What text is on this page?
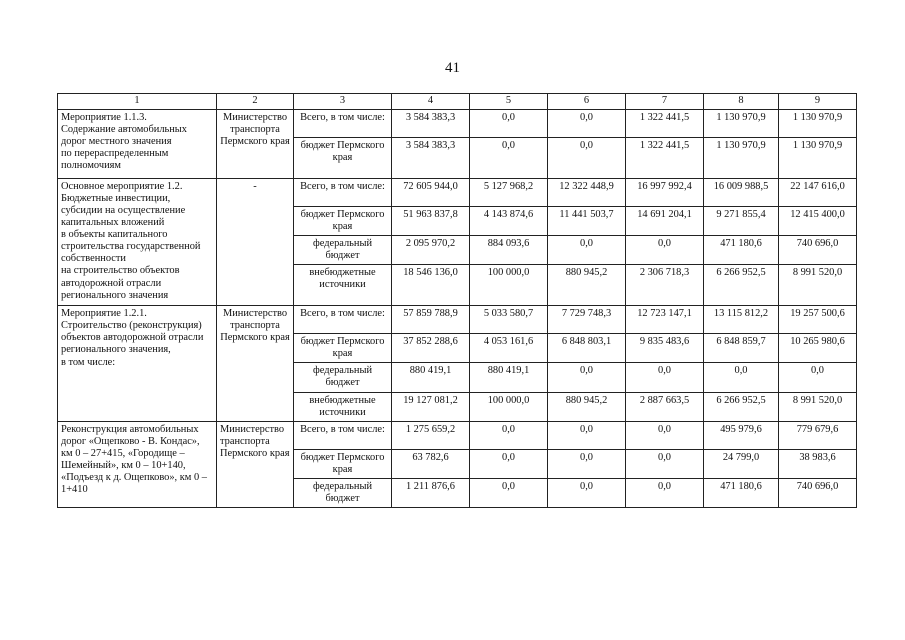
41
1	2	3	4	5	6	7	8	9
Мероприятие 1.1.3.
Содержание автомобильных дорог местного значения
по перераспределенным полномочиям	Министерство транспорта Пермского края	Всего, в том числе:	3 584 383,3	0,0	0,0	1 322 441,5	1 130 970,9	1 130 970,9
		бюджет Пермского края	3 584 383,3	0,0	0,0	1 322 441,5	1 130 970,9	1 130 970,9
Основное мероприятие 1.2.
Бюджетные инвестиции, субсидии на осуществление капитальных вложений
в объекты капитального строительства государственной собственности
на строительство объектов автодорожной отрасли регионального значения	-	Всего, в том числе:	72 605 944,0	5 127 968,2	12 322 448,9	16 997 992,4	16 009 988,5	22 147 616,0
		бюджет Пермского края	51 963 837,8	4 143 874,6	11 441 503,7	14 691 204,1	9 271 855,4	12 415 400,0
		федеральный бюджет	2 095 970,2	884 093,6	0,0	0,0	471 180,6	740 696,0
		внебюджетные источники	18 546 136,0	100 000,0	880 945,2	2 306 718,3	6 266 952,5	8 991 520,0
Мероприятие 1.2.1.
Строительство (реконструкция) объектов автодорожной отрасли регионального значения,
в том числе:	Министерство транспорта Пермского края	Всего, в том числе:	57 859 788,9	5 033 580,7	7 729 748,3	12 723 147,1	13 115 812,2	19 257 500,6
		бюджет Пермского края	37 852 288,6	4 053 161,6	6 848 803,1	9 835 483,6	6 848 859,7	10 265 980,6
		федеральный бюджет	880 419,1	880 419,1	0,0	0,0	0,0	0,0
		внебюджетные источники	19 127 081,2	100 000,0	880 945,2	2 887 663,5	6 266 952,5	8 991 520,0
Реконструкция автомобильных дорог «Ощепково - В. Кондас», км 0 – 27+415, «Городище – Шемейный», км 0 – 10+140, «Подъезд к д. Ощепково», км 0 – 1+410	Министерство транспорта Пермского края	Всего, в том числе:	1 275 659,2	0,0	0,0	0,0	495 979,6	779 679,6
		бюджет Пермского края	63 782,6	0,0	0,0	0,0	24 799,0	38 983,6
		федеральный бюджет	1 211 876,6	0,0	0,0	0,0	471 180,6	740 696,0
